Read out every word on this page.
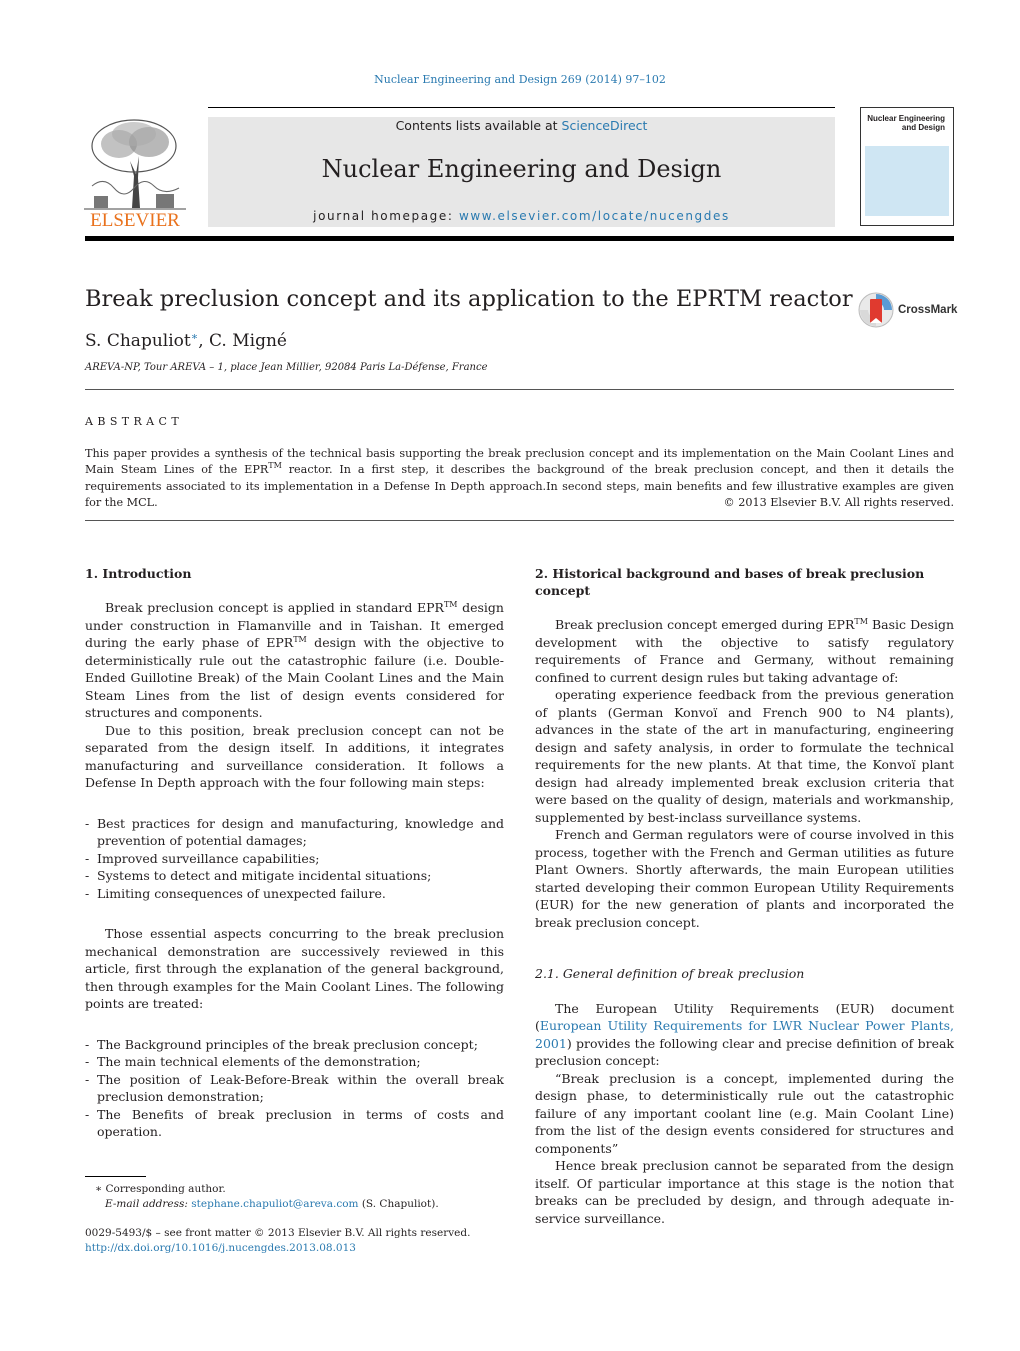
Nuclear Engineering and Design 269 (2014) 97–102
ELSEVIER
Contents lists available at ScienceDirect
Nuclear Engineering and Design
journal homepage: www.elsevier.com/locate/nucengdes
Nuclear Engineering and Design
Break preclusion concept and its application to the EPRTM reactor	CrossMark
S. Chapuliot∗, C. Migné
AREVA-NP, Tour AREVA – 1, place Jean Millier, 92084 Paris La-Défense, France
ABSTRACT
This paper provides a synthesis of the technical basis supporting the break preclusion concept and its implementation on the Main Coolant Lines and Main Steam Lines of the EPR™ reactor. In a first step, it describes the background of the break preclusion concept, and then it details the requirements associated to its implementation in a Defense In Depth approach.In second steps, main benefits and few illustrative examples are given for the MCL.	© 2013 Elsevier B.V. All rights reserved.
1. Introduction

Break preclusion concept is applied in standard EPR™ design under construction in Flamanville and in Taishan. It emerged during the early phase of EPR™ design with the objective to deterministically rule out the catastrophic failure (i.e. Double-Ended Guillotine Break) of the Main Coolant Lines and the Main Steam Lines from the list of design events considered for structures and components.

Due to this position, break preclusion concept can not be separated from the design itself. In additions, it integrates manufacturing and surveillance consideration. It follows a Defense In Depth approach with the four following main steps:

- Best practices for design and manufacturing, knowledge and prevention of potential damages;
- Improved surveillance capabilities;
- Systems to detect and mitigate incidental situations;
- Limiting consequences of unexpected failure.

Those essential aspects concurring to the break preclusion mechanical demonstration are successively reviewed in this article, first through the explanation of the general background, then through examples for the Main Coolant Lines. The following points are treated:

- The Background principles of the break preclusion concept;
- The main technical elements of the demonstration;
- The position of Leak-Before-Break within the overall break preclusion demonstration;
- The Benefits of break preclusion in terms of costs and operation.
2. Historical background and bases of break preclusion concept

Break preclusion concept emerged during EPR™ Basic Design development with the objective to satisfy regulatory requirements of France and Germany, without remaining confined to current design rules but taking advantage of:

operating experience feedback from the previous generation of plants (German Konvoï and French 900 to N4 plants), advances in the state of the art in manufacturing, engineering design and safety analysis, in order to formulate the technical requirements for the new plants. At that time, the Konvoï plant design had already implemented break exclusion criteria that were based on the quality of design, materials and workmanship, supplemented by best-inclass surveillance systems.

French and German regulators were of course involved in this process, together with the French and German utilities as future Plant Owners. Shortly afterwards, the main European utilities started developing their common European Utility Requirements (EUR) for the new generation of plants and incorporated the break preclusion concept.

2.1. General definition of break preclusion

The European Utility Requirements (EUR) document (European Utility Requirements for LWR Nuclear Power Plants, 2001) provides the following clear and precise definition of break preclusion concept:

“Break preclusion is a concept, implemented during the design phase, to deterministically rule out the catastrophic failure of any important coolant line (e.g. Main Coolant Line) from the list of the design events considered for structures and components”

Hence break preclusion cannot be separated from the design itself. Of particular importance at this stage is the notion that breaks can be precluded by design, and through adequate in-service surveillance.

∗ Corresponding author.
E-mail address: stephane.chapuliot@areva.com (S. Chapuliot).
0029-5493/$ – see front matter © 2013 Elsevier B.V. All rights reserved.
http://dx.doi.org/10.1016/j.nucengdes.2013.08.013
